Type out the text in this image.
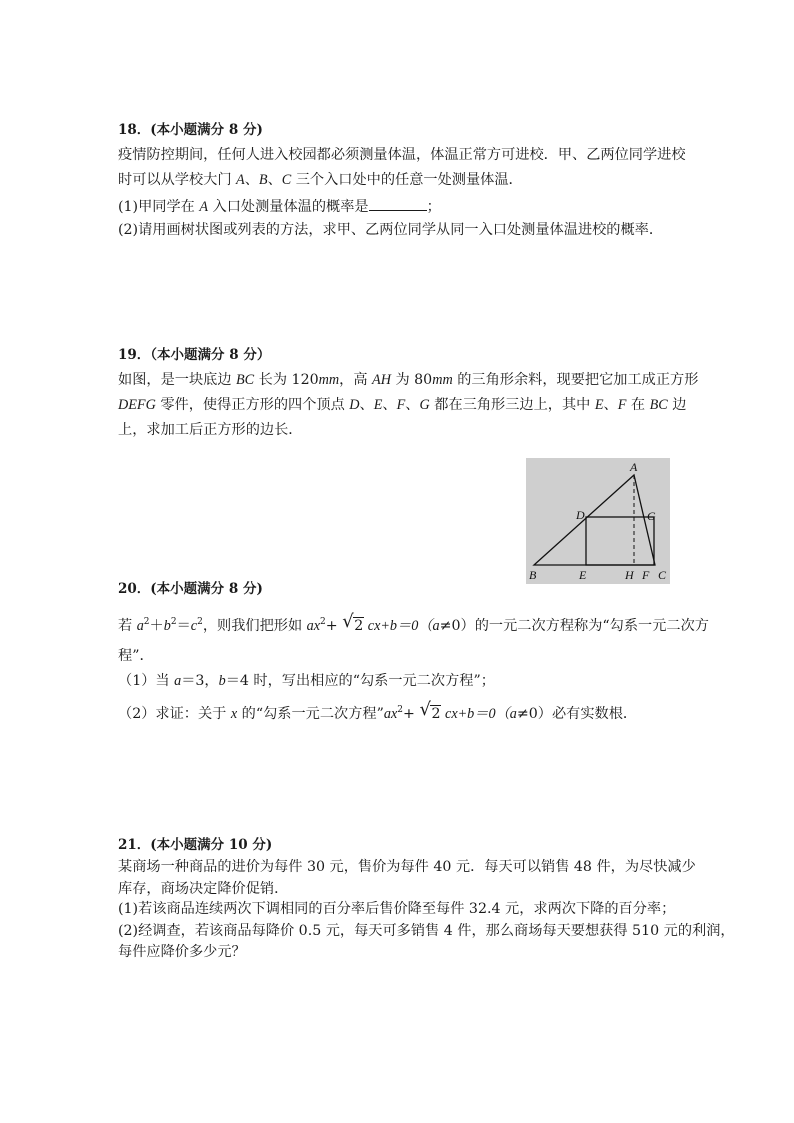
18．(本小题满分 8 分)
疫情防控期间，任何人进入校园都必须测量体温，体温正常方可进校．甲、乙两位同学进校
时可以从学校大门 A、B、C 三个入口处中的任意一处测量体温．
(1)甲同学在 A 入口处测量体温的概率是	；
(2)请用画树状图或列表的方法，求甲、乙两位同学从同一入口处测量体温进校的概率．
19．（本小题满分 8 分）
如图，是一块底边 BC 长为 120mm，高 AH 为 80mm 的三角形余料，现要把它加工成正方形
DEFG 零件，使得正方形的四个顶点 D、E、F、G 都在三角形三边上，其中 E、F 在 BC 边
上，求加工后正方形的边长．
A
B	C
D
E	F
G
H
20．(本小题满分 8 分)
若 $a^2+b^2=c^2$，则我们把形如 $ax^2+$ √ 2 cx+b＝0（a≠0）的一元二次方程称为“勾系一元二次方
程”．
（1）当 a＝3，b＝4 时，写出相应的“勾系一元二次方程”；
（2）求证：关于 x 的“勾系一元二次方程$”ax^2+$ √ 2 cx+b＝0（a≠0）必有实数根．
21．(本小题满分 10 分)
某商场一种商品的进价为每件 30 元，售价为每件 40 元．每天可以销售 48 件，为尽快减少
库存，商场决定降价促销．
(1)若该商品连续两次下调相同的百分率后售价降至每件 32.4 元，求两次下降的百分率；
(2)经调查，若该商品每降价 0.5 元，每天可多销售 4 件，那么商场每天要想获得 510 元的利润，
每件应降价多少元？
